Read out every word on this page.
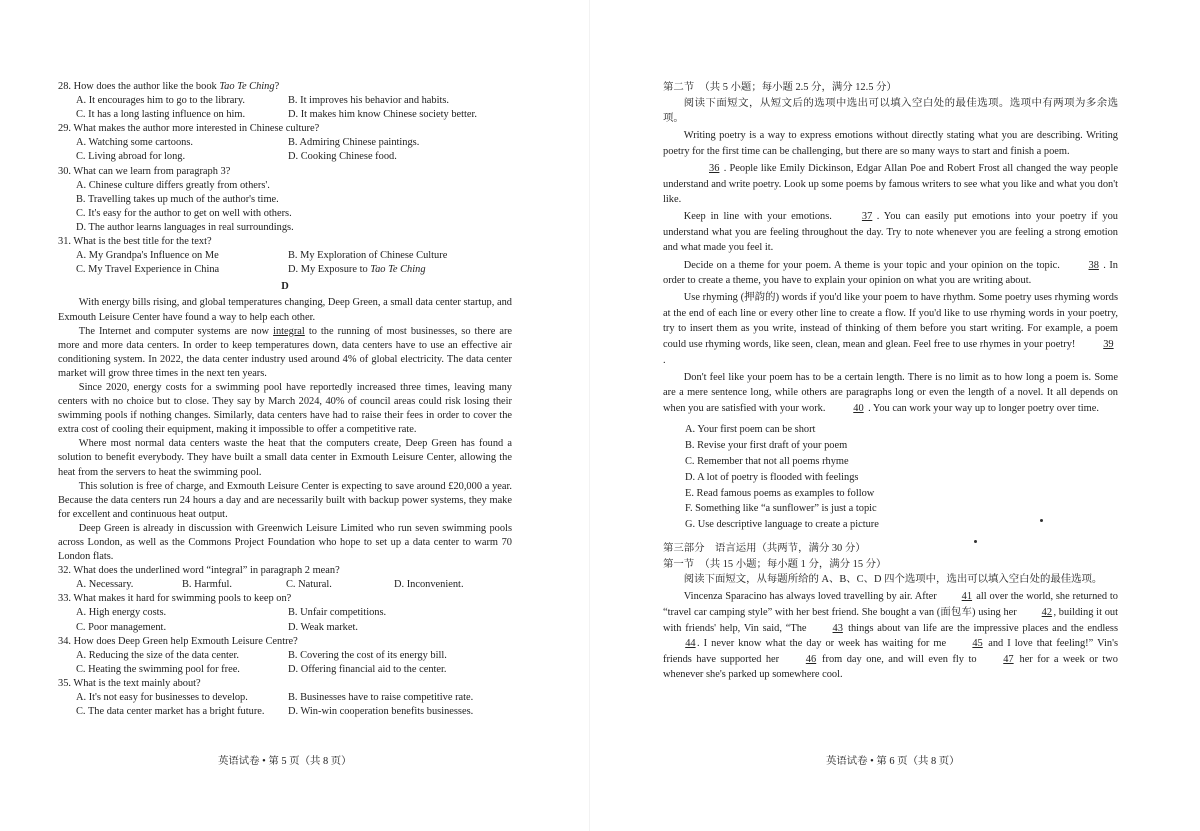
28. How does the author like the book Tao Te Ching?

A. It encourages him to go to the library.	B. It improves his behavior and habits.
C. It has a long lasting influence on him.	D. It makes him know Chinese society better.

29. What makes the author more interested in Chinese culture?

A. Watching some cartoons.	B. Admiring Chinese paintings.
C. Living abroad for long.	D. Cooking Chinese food.

30. What can we learn from paragraph 3?

A. Chinese culture differs greatly from others'.
B. Travelling takes up much of the author's time.
C. It's easy for the author to get on well with others.
D. The author learns languages in real surroundings.

31. What is the best title for the text?

A. My Grandpa's Influence on Me	B. My Exploration of Chinese Culture
C. My Travel Experience in China	D. My Exposure to Tao Te Ching
D

With energy bills rising, and global temperatures changing, Deep Green, a small data center startup, and Exmouth Leisure Center have found a way to help each other.

The Internet and computer systems are now integral to the running of most businesses, so there are more and more data centers. In order to keep temperatures down, data centers have to use an effective air conditioning system. In 2022, the data center industry used around 4% of global electricity. The data center market will grow three times in the next ten years.

Since 2020, energy costs for a swimming pool have reportedly increased three times, leaving many centers with no choice but to close. They say by March 2024, 40% of council areas could risk losing their swimming pools if nothing changes. Similarly, data centers have had to raise their fees in order to cover the extra cost of cooling their equipment, making it impossible to offer a competitive rate.

Where most normal data centers waste the heat that the computers create, Deep Green has found a solution to benefit everybody. They have built a small data center in Exmouth Leisure Center, allowing the heat from the servers to heat the swimming pool.

This solution is free of charge, and Exmouth Leisure Center is expecting to save around £20,000 a year. Because the data centers run 24 hours a day and are necessarily built with backup power systems, they make for excellent and continuous heat output.

Deep Green is already in discussion with Greenwich Leisure Limited who run seven swimming pools across London, as well as the Commons Project Foundation who hope to set up a data center to warm 70 London flats.

32. What does the underlined word “integral” in paragraph 2 mean?

A. Necessary.	B. Harmful.	C. Natural.	D. Inconvenient.

33. What makes it hard for swimming pools to keep on?

A. High energy costs.	B. Unfair competitions.
C. Poor management.	D. Weak market.

34. How does Deep Green help Exmouth Leisure Centre?

A. Reducing the size of the data center.	B. Covering the cost of its energy bill.
C. Heating the swimming pool for free.	D. Offering financial aid to the center.

35. What is the text mainly about?

A. It's not easy for businesses to develop.	B. Businesses have to raise competitive rate.
C. The data center market has a bright future.	D. Win-win cooperation benefits businesses.
英语试卷 • 第 5 页（共 8 页）

第二节　（共 5 小题；每小题 2.5 分，满分 12.5 分）

阅读下面短文，从短文后的选项中选出可以填入空白处的最佳选项。选项中有两项为多余选项。

Writing poetry is a way to express emotions without directly stating what you are describing. Writing poetry for the first time can be challenging, but there are so many ways to start and finish a poem.

36 . People like Emily Dickinson, Edgar Allan Poe and Robert Frost all changed the way people understand and write poetry. Look up some poems by famous writers to see what you like and what you don't like.

Keep in line with your emotions. 37 . You can easily put emotions into your poetry if you understand what you are feeling throughout the day. Try to note whenever you are feeling a strong emotion and what made you feel it.

Decide on a theme for your poem. A theme is your topic and your opinion on the topic. 38 . In order to create a theme, you have to explain your opinion on what you are writing about.

Use rhyming (押韵的) words if you'd like your poem to have rhythm. Some poetry uses rhyming words at the end of each line or every other line to create a flow. If you'd like to use rhyming words in your poetry, try to insert them as you write, instead of thinking of them before you start writing. For example, a poem could use rhyming words, like seen, clean, mean and glean. Feel free to use rhymes in your poetry! 39.

Don't feel like your poem has to be a certain length. There is no limit as to how long a poem is. Some are a mere sentence long, while others are paragraphs long or even the length of a novel. It all depends on when you are satisfied with your work. 40 . You can work your way up to longer poetry over time.

A. Your first poem can be short
B. Revise your first draft of your poem
C. Remember that not all poems rhyme
D. A lot of poetry is flooded with feelings
E. Read famous poems as examples to follow
F. Something like “a sunflower” is just a topic
G. Use descriptive language to create a picture

第三部分　语言运用（共两节，满分 30 分）

第一节　（共 15 小题；每小题 1 分，满分 15 分）

阅读下面短文，从每题所给的 A、B、C、D 四个选项中，选出可以填入空白处的最佳选项。

Vincenza Sparacino has always loved travelling by air. After 41 all over the world, she returned to “travel car camping style” with her best friend. She bought a van (面包车) using her 42, building it out with friends' help, Vin said, “The 43 things about van life are the impressive places and the endless 44. I never know what the day or week has waiting for me 45 and I love that feeling!” Vin's friends have supported her 46 from day one, and will even fly to 47 her for a week or two whenever she's parked up somewhere cool.

英语试卷 • 第 6 页（共 8 页）
